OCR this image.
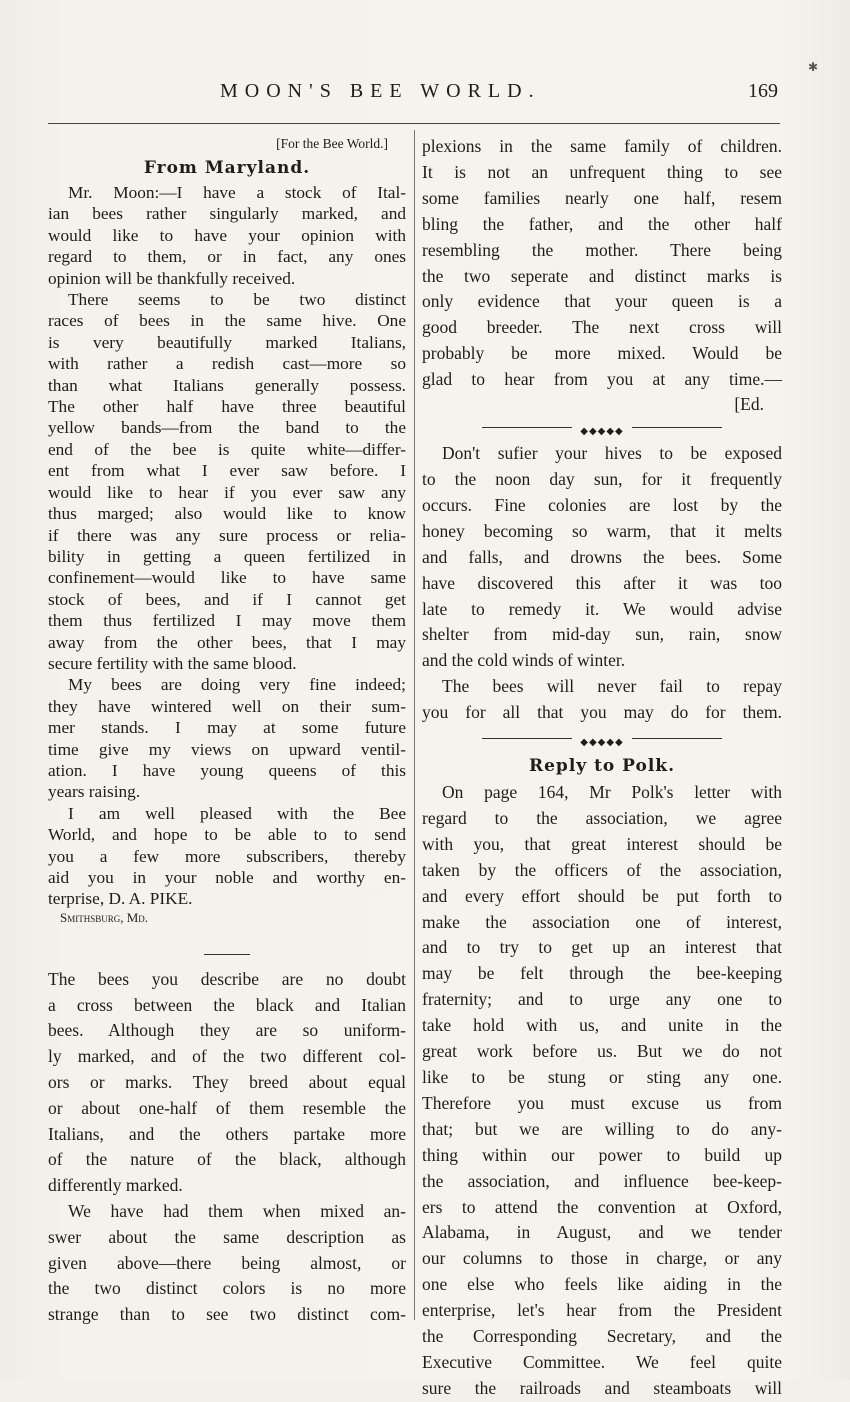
MOON'S BEE WORLD.	169
✱
[For the Bee World.]
From Maryland.

Mr. Moon:—I have a stock of Ital-
ian bees rather singularly marked, and
would like to have your opinion with
regard to them, or in fact, any ones
opinion will be thankfully received.

There seems to be two distinct
races of bees in the same hive. One
is very beautifully marked Italians,
with rather a redish cast—more so
than what Italians generally possess.
The other half have three beautiful
yellow bands—from the band to the
end of the bee is quite white—differ-
ent from what I ever saw before. I
would like to hear if you ever saw any
thus marged; also would like to know
if there was any sure process or relia-
bility in getting a queen fertilized in
confinement—would like to have same
stock of bees, and if I cannot get
them thus fertilized I may move them
away from the other bees, that I may
secure fertility with the same blood.

My bees are doing very fine indeed;
they have wintered well on their sum-
mer stands. I may at some future
time give my views on upward ventil-
ation. I have young queens of this
years raising.

I am well pleased with the Bee
World, and hope to be able to to send
you a few more subscribers, thereby
aid you in your noble and worthy en-

terprise, D. A. PIKE.
Smithsburg, Md.

The bees you describe are no doubt
a cross between the black and Italian
bees. Although they are so uniform-
ly marked, and of the two different col-
ors or marks. They breed about equal
or about one-half of them resemble the
Italians, and the others partake more
of the nature of the black, although
differently marked.

We have had them when mixed an-
swer about the same description as
given above—there being almost, or
the two distinct colors is no more
strange than to see two distinct com-

plexions in the same family of children.
It is not an unfrequent thing to see
some families nearly one half, resem
bling the father, and the other half
resembling the mother. There being
the two seperate and distinct marks is
only evidence that your queen is a
good breeder. The next cross will
probably be more mixed. Would be
glad to hear from you at any time.—

[Ed.
◆◆◆◆◆

Don't sufier your hives to be exposed
to the noon day sun, for it frequently
occurs. Fine colonies are lost by the
honey becoming so warm, that it melts
and falls, and drowns the bees. Some
have discovered this after it was too
late to remedy it. We would advise
shelter from mid-day sun, rain, snow
and the cold winds of winter.

The bees will never fail to repay
you for all that you may do for them.

◆◆◆◆◆
Reply to Polk.

On page 164, Mr Polk's letter with
regard to the association, we agree
with you, that great interest should be
taken by the officers of the association,
and every effort should be put forth to
make the association one of interest,
and to try to get up an interest that
may be felt through the bee-keeping
fraternity; and to urge any one to
take hold with us, and unite in the
great work before us. But we do not
like to be stung or sting any one.
Therefore you must excuse us from
that; but we are willing to do any-
thing within our power to build up
the association, and influence bee-keep-
ers to attend the convention at Oxford,
Alabama, in August, and we tender
our columns to those in charge, or any
one else who feels like aiding in the
enterprise, let's hear from the President
the Corresponding Secretary, and the
Executive Committee. We feel quite
sure the railroads and steamboats will
